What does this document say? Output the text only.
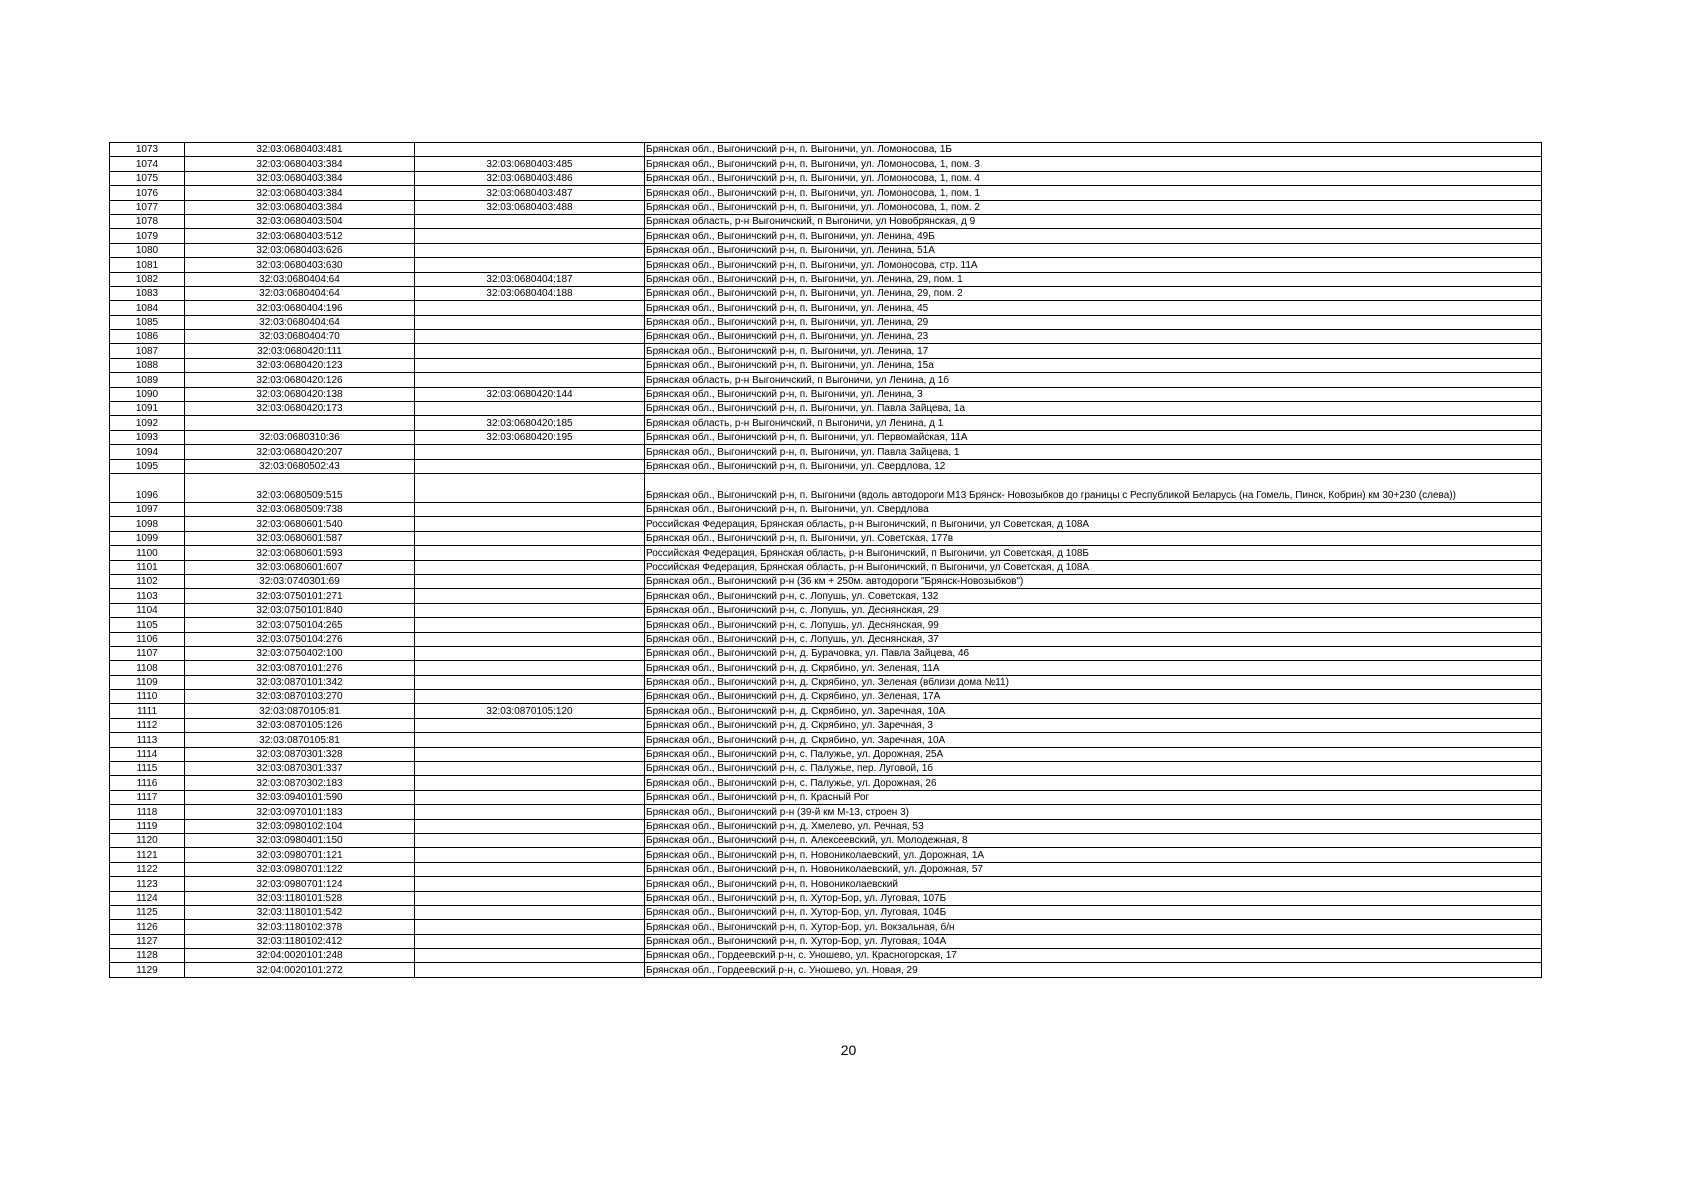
1073	32:03:0680403:481		Брянская обл., Выгоничский р-н, п. Выгоничи, ул. Ломоносова, 1Б
1074	32:03:0680403:384	32:03:0680403:485	Брянская обл., Выгоничский р-н, п. Выгоничи, ул. Ломоносова, 1, пом. 3
1075	32:03:0680403:384	32:03:0680403:486	Брянская обл., Выгоничский р-н, п. Выгоничи, ул. Ломоносова, 1, пом. 4
1076	32:03:0680403:384	32:03:0680403:487	Брянская обл., Выгоничский р-н, п. Выгоничи, ул. Ломоносова, 1, пом. 1
1077	32:03:0680403:384	32:03:0680403:488	Брянская обл., Выгоничский р-н, п. Выгоничи, ул. Ломоносова, 1, пом. 2
1078	32:03:0680403:504		Брянская область, р-н Выгоничский, п Выгоничи, ул Новобрянская, д 9
1079	32:03:0680403:512		Брянская обл., Выгоничский р-н, п. Выгоничи, ул. Ленина, 49Б
1080	32:03:0680403:626		Брянская обл., Выгоничский р-н, п. Выгоничи, ул. Ленина, 51А
1081	32:03:0680403:630		Брянская обл., Выгоничский р-н, п. Выгоничи, ул. Ломоносова, стр. 11А
1082	32:03:0680404:64	32:03:0680404:187	Брянская обл., Выгоничский р-н, п. Выгоничи, ул. Ленина, 29, пом. 1
1083	32:03:0680404:64	32:03:0680404:188	Брянская обл., Выгоничский р-н, п. Выгоничи, ул. Ленина, 29, пом. 2
1084	32:03:0680404:196		Брянская обл., Выгоничский р-н, п. Выгоничи, ул. Ленина, 45
1085	32:03:0680404:64		Брянская обл., Выгоничский р-н, п. Выгоничи, ул. Ленина, 29
1086	32:03:0680404:70		Брянская обл., Выгоничский р-н, п. Выгоничи, ул. Ленина, 23
1087	32:03:0680420:111		Брянская обл., Выгоничский р-н, п. Выгоничи, ул. Ленина, 17
1088	32:03:0680420:123		Брянская обл., Выгоничский р-н, п. Выгоничи, ул. Ленина, 15а
1089	32:03:0680420:126		Брянская область, р-н Выгоничский, п Выгоничи, ул Ленина, д 1б
1090	32:03:0680420:138	32:03:0680420:144	Брянская обл., Выгоничский р-н, п. Выгоничи, ул. Ленина, 3
1091	32:03:0680420:173		Брянская обл., Выгоничский р-н, п. Выгоничи, ул. Павла Зайцева, 1а
1092		32:03:0680420:185	Брянская область, р-н Выгоничский, п Выгоничи, ул Ленина, д 1
1093	32:03:0680310:36	32:03:0680420:195	Брянская обл., Выгоничский р-н, п. Выгоничи, ул. Первомайская, 11А
1094	32:03:0680420:207		Брянская обл., Выгоничский р-н, п. Выгоничи, ул. Павла Зайцева, 1
1095	32:03:0680502:43		Брянская обл., Выгоничский р-н, п. Выгоничи, ул. Свердлова, 12
1096	32:03:0680509:515		Брянская обл., Выгоничский р-н, п. Выгоничи (вдоль автодороги М13 Брянск- Новозыбков до границы с Республикой Беларусь (на Гомель, Пинск, Кобрин) км 30+230 (слева))
1097	32:03:0680509:738		Брянская обл., Выгоничский р-н, п. Выгоничи, ул. Свердлова
1098	32:03:0680601:540		Российская Федерация, Брянская область, р-н Выгоничский, п Выгоничи, ул Советская, д 108А
1099	32:03:0680601:587		Брянская обл., Выгоничский р-н, п. Выгоничи, ул. Советская, 177в
1100	32:03:0680601:593		Российская Федерация, Брянская область, р-н Выгоничский, п Выгоничи, ул Советская, д 108Б
1101	32:03:0680601:607		Российская Федерация, Брянская область, р-н Выгоничский, п Выгоничи, ул Советская, д 108А
1102	32:03:0740301:69		Брянская обл., Выгоничский р-н (36 км + 250м. автодороги "Брянск-Новозыбков")
1103	32:03:0750101:271		Брянская обл., Выгоничский р-н, с. Лопушь, ул. Советская, 132
1104	32:03:0750101:840		Брянская обл., Выгоничский р-н, с. Лопушь, ул. Деснянская, 29
1105	32:03:0750104:265		Брянская обл., Выгоничский р-н, с. Лопушь, ул. Деснянская, 99
1106	32:03:0750104:276		Брянская обл., Выгоничский р-н, с. Лопушь, ул. Деснянская, 37
1107	32:03:0750402:100		Брянская обл., Выгоничский р-н, д. Бурачовка, ул. Павла Зайцева, 46
1108	32:03:0870101:276		Брянская обл., Выгоничский р-н, д. Скрябино, ул. Зеленая, 11А
1109	32:03:0870101:342		Брянская обл., Выгоничский р-н, д. Скрябино, ул. Зеленая (вблизи дома №11)
1110	32:03:0870103:270		Брянская обл., Выгоничский р-н, д. Скрябино, ул. Зеленая, 17А
1111	32:03:0870105:81	32:03:0870105:120	Брянская обл., Выгоничский р-н, д. Скрябино, ул. Заречная, 10А
1112	32:03:0870105:126		Брянская обл., Выгоничский р-н, д. Скрябино, ул. Заречная, 3
1113	32:03:0870105:81		Брянская обл., Выгоничский р-н, д. Скрябино, ул. Заречная, 10А
1114	32:03:0870301:328		Брянская обл., Выгоничский р-н, с. Палужье, ул. Дорожная, 25А
1115	32:03:0870301:337		Брянская обл., Выгоничский р-н, с. Палужье, пер. Луговой, 1б
1116	32:03:0870302:183		Брянская обл., Выгоничский р-н, с. Палужье, ул. Дорожная, 26
1117	32:03:0940101:590		Брянская обл., Выгоничский р-н, п. Красный Рог
1118	32:03:0970101:183		Брянская обл., Выгоничский р-н (39-й км М-13, строен 3)
1119	32:03:0980102:104		Брянская обл., Выгоничский р-н, д. Хмелево, ул. Речная, 53
1120	32:03:0980401:150		Брянская обл., Выгоничский р-н, п. Алексеевский, ул. Молодежная, 8
1121	32:03:0980701:121		Брянская обл., Выгоничский р-н, п. Новониколаевский, ул. Дорожная, 1А
1122	32:03:0980701:122		Брянская обл., Выгоничский р-н, п. Новониколаевский, ул. Дорожная, 57
1123	32:03:0980701:124		Брянская обл., Выгоничский р-н, п. Новониколаевский
1124	32:03:1180101:528		Брянская обл., Выгоничский р-н, п. Хутор-Бор, ул. Луговая, 107Б
1125	32:03:1180101:542		Брянская обл., Выгоничский р-н, п. Хутор-Бор, ул. Луговая, 104Б
1126	32:03:1180102:378		Брянская обл., Выгоничский р-н, п. Хутор-Бор, ул. Вокзальная, б/н
1127	32:03:1180102:412		Брянская обл., Выгоничский р-н, п. Хутор-Бор, ул. Луговая, 104А
1128	32:04:0020101:248		Брянская обл., Гордеевский р-н, с. Уношево, ул. Красногорская, 17
1129	32:04:0020101:272		Брянская обл., Гордеевский р-н, с. Уношево, ул. Новая, 29
20
